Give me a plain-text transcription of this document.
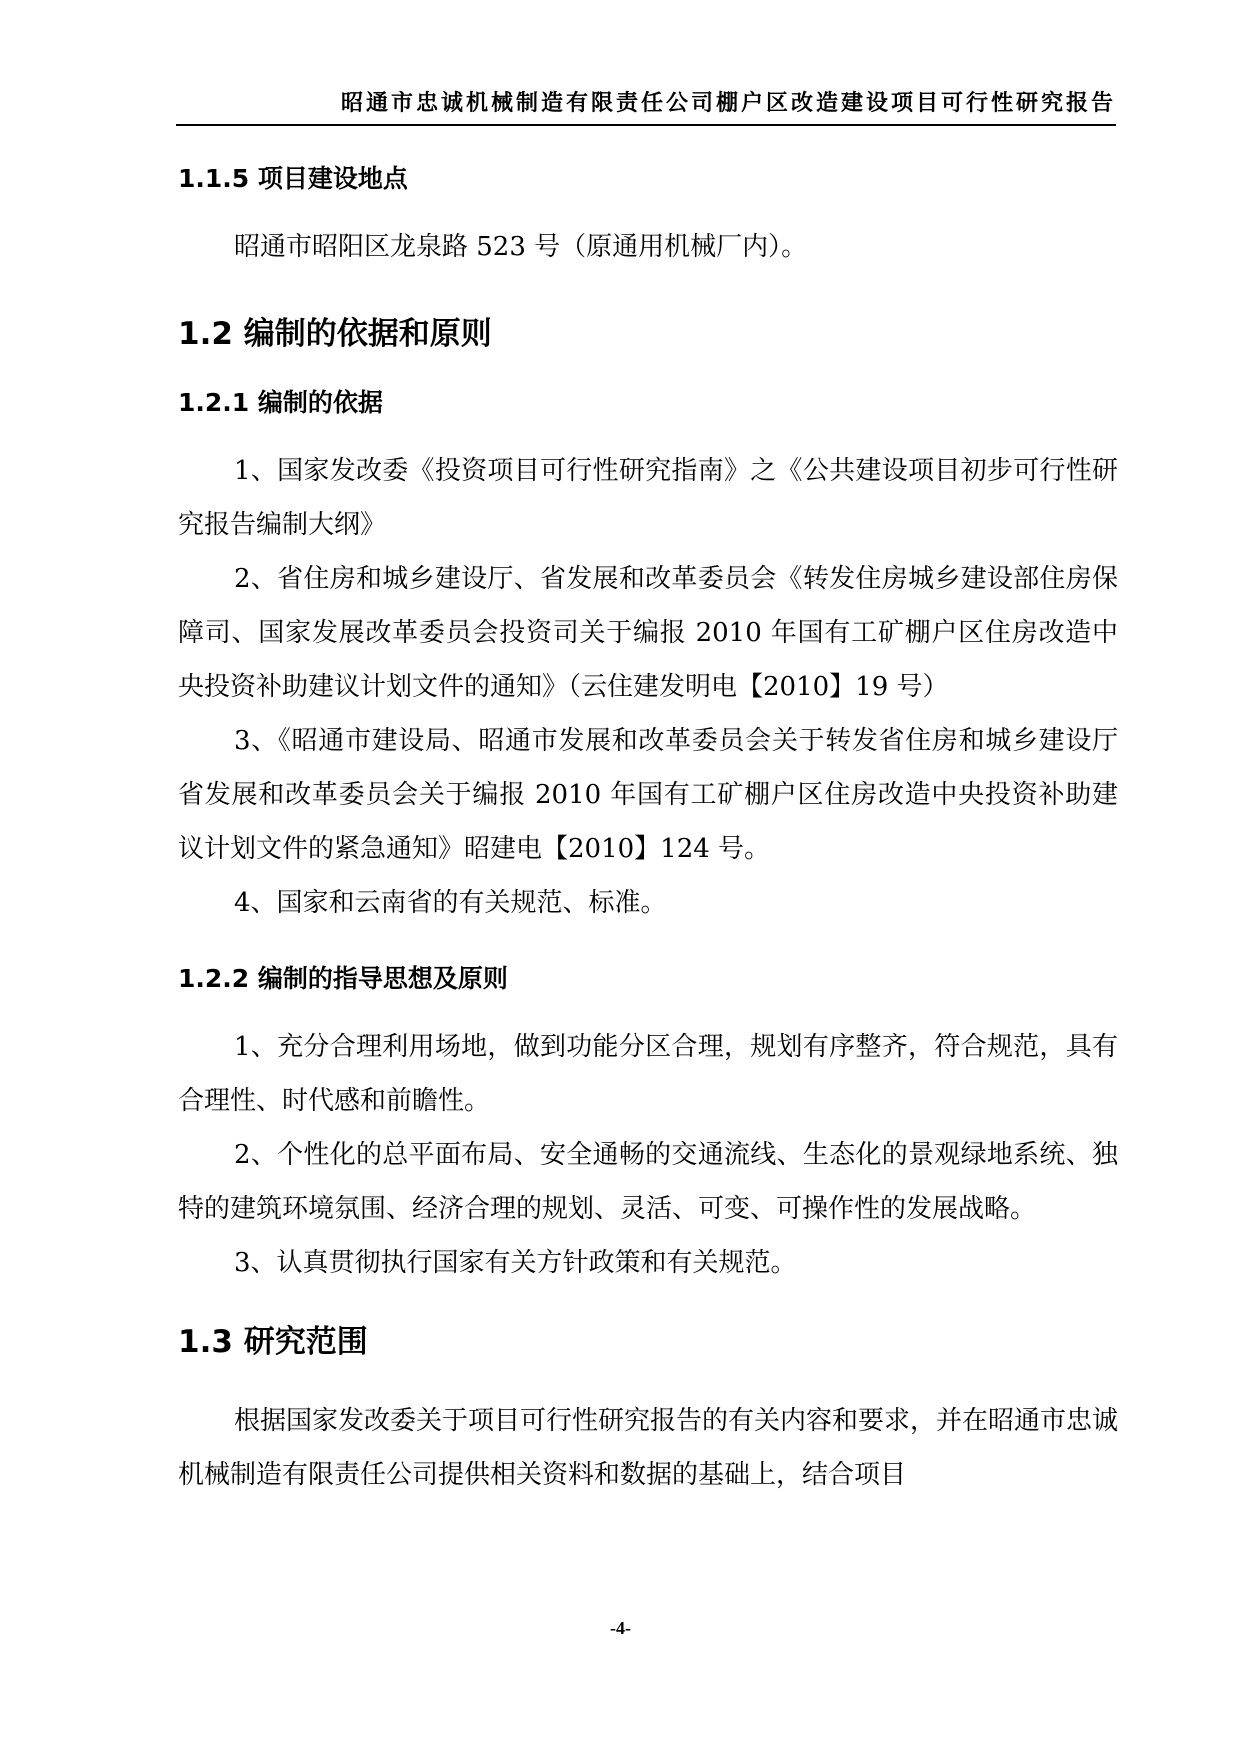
昭通市忠诚机械制造有限责任公司棚户区改造建设项目可行性研究报告
1.1.5 项目建设地点

昭通市昭阳区龙泉路 523 号（原通用机械厂内）。

1.2 编制的依据和原则
1.2.1 编制的依据

1、国家发改委《投资项目可行性研究指南》之《公共建设项目初步可行性研究报告编制大纲》

2、省住房和城乡建设厅、省发展和改革委员会《转发住房城乡建设部住房保障司、国家发展改革委员会投资司关于编报 2010 年国有工矿棚户区住房改造中央投资补助建议计划文件的通知》（云住建发明电【2010】19 号）

3、《昭通市建设局、昭通市发展和改革委员会关于转发省住房和城乡建设厅 省发展和改革委员会关于编报 2010 年国有工矿棚户区住房改造中央投资补助建议计划文件的紧急通知》昭建电【2010】124 号。

4、国家和云南省的有关规范、标准。

1.2.2 编制的指导思想及原则

1、充分合理利用场地，做到功能分区合理，规划有序整齐，符合规范，具有合理性、时代感和前瞻性。

2、个性化的总平面布局、安全通畅的交通流线、生态化的景观绿地系统、独特的建筑环境氛围、经济合理的规划、灵活、可变、可操作性的发展战略。

3、认真贯彻执行国家有关方针政策和有关规范。

1.3 研究范围

根据国家发改委关于项目可行性研究报告的有关内容和要求，并在昭通市忠诚机械制造有限责任公司提供相关资料和数据的基础上，结合项目

-4-
